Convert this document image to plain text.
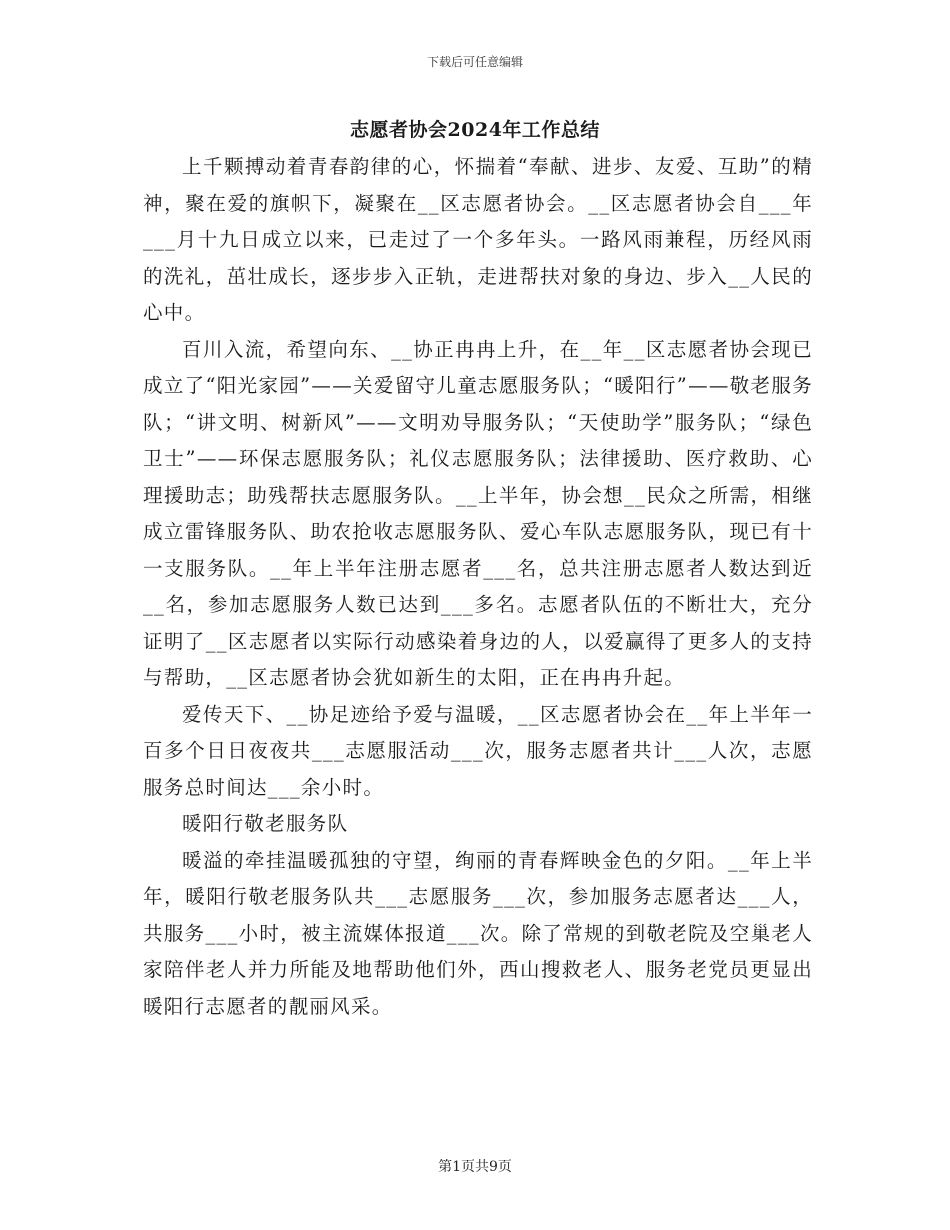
下载后可任意编辑
志愿者协会2024年工作总结

上千颗搏动着青春韵律的心，怀揣着“奉献、进步、友爱、互助”的精神，聚在爱的旗帜下，凝聚在__区志愿者协会。__区志愿者协会自___年___月十九日成立以来，已走过了一个多年头。一路风雨兼程，历经风雨的洗礼，茁壮成长，逐步步入正轨，走进帮扶对象的身边、步入__人民的心中。

百川入流，希望向东、__协正冉冉上升，在__年__区志愿者协会现已成立了“阳光家园”——关爱留守儿童志愿服务队；“暖阳行”——敬老服务队；“讲文明、树新风”——文明劝导服务队；“天使助学”服务队；“绿色卫士”——环保志愿服务队；礼仪志愿服务队；法律援助、医疗救助、心理援助志；助残帮扶志愿服务队。__上半年，协会想__民众之所需，相继成立雷锋服务队、助农抢收志愿服务队、爱心车队志愿服务队，现已有十一支服务队。__年上半年注册志愿者___名，总共注册志愿者人数达到近__名，参加志愿服务人数已达到___多名。志愿者队伍的不断壮大，充分证明了__区志愿者以实际行动感染着身边的人，以爱赢得了更多人的支持与帮助，__区志愿者协会犹如新生的太阳，正在冉冉升起。

爱传天下、__协足迹给予爱与温暖，__区志愿者协会在__年上半年一百多个日日夜夜共___志愿服活动___次，服务志愿者共计___人次，志愿服务总时间达___余小时。

暖阳行敬老服务队

暖溢的牵挂温暖孤独的守望，绚丽的青春辉映金色的夕阳。__年上半年，暖阳行敬老服务队共___志愿服务___次，参加服务志愿者达___人，共服务___小时，被主流媒体报道___次。除了常规的到敬老院及空巢老人家陪伴老人并力所能及地帮助他们外，西山搜救老人、服务老党员更显出暖阳行志愿者的靓丽风采。

第1页共9页
